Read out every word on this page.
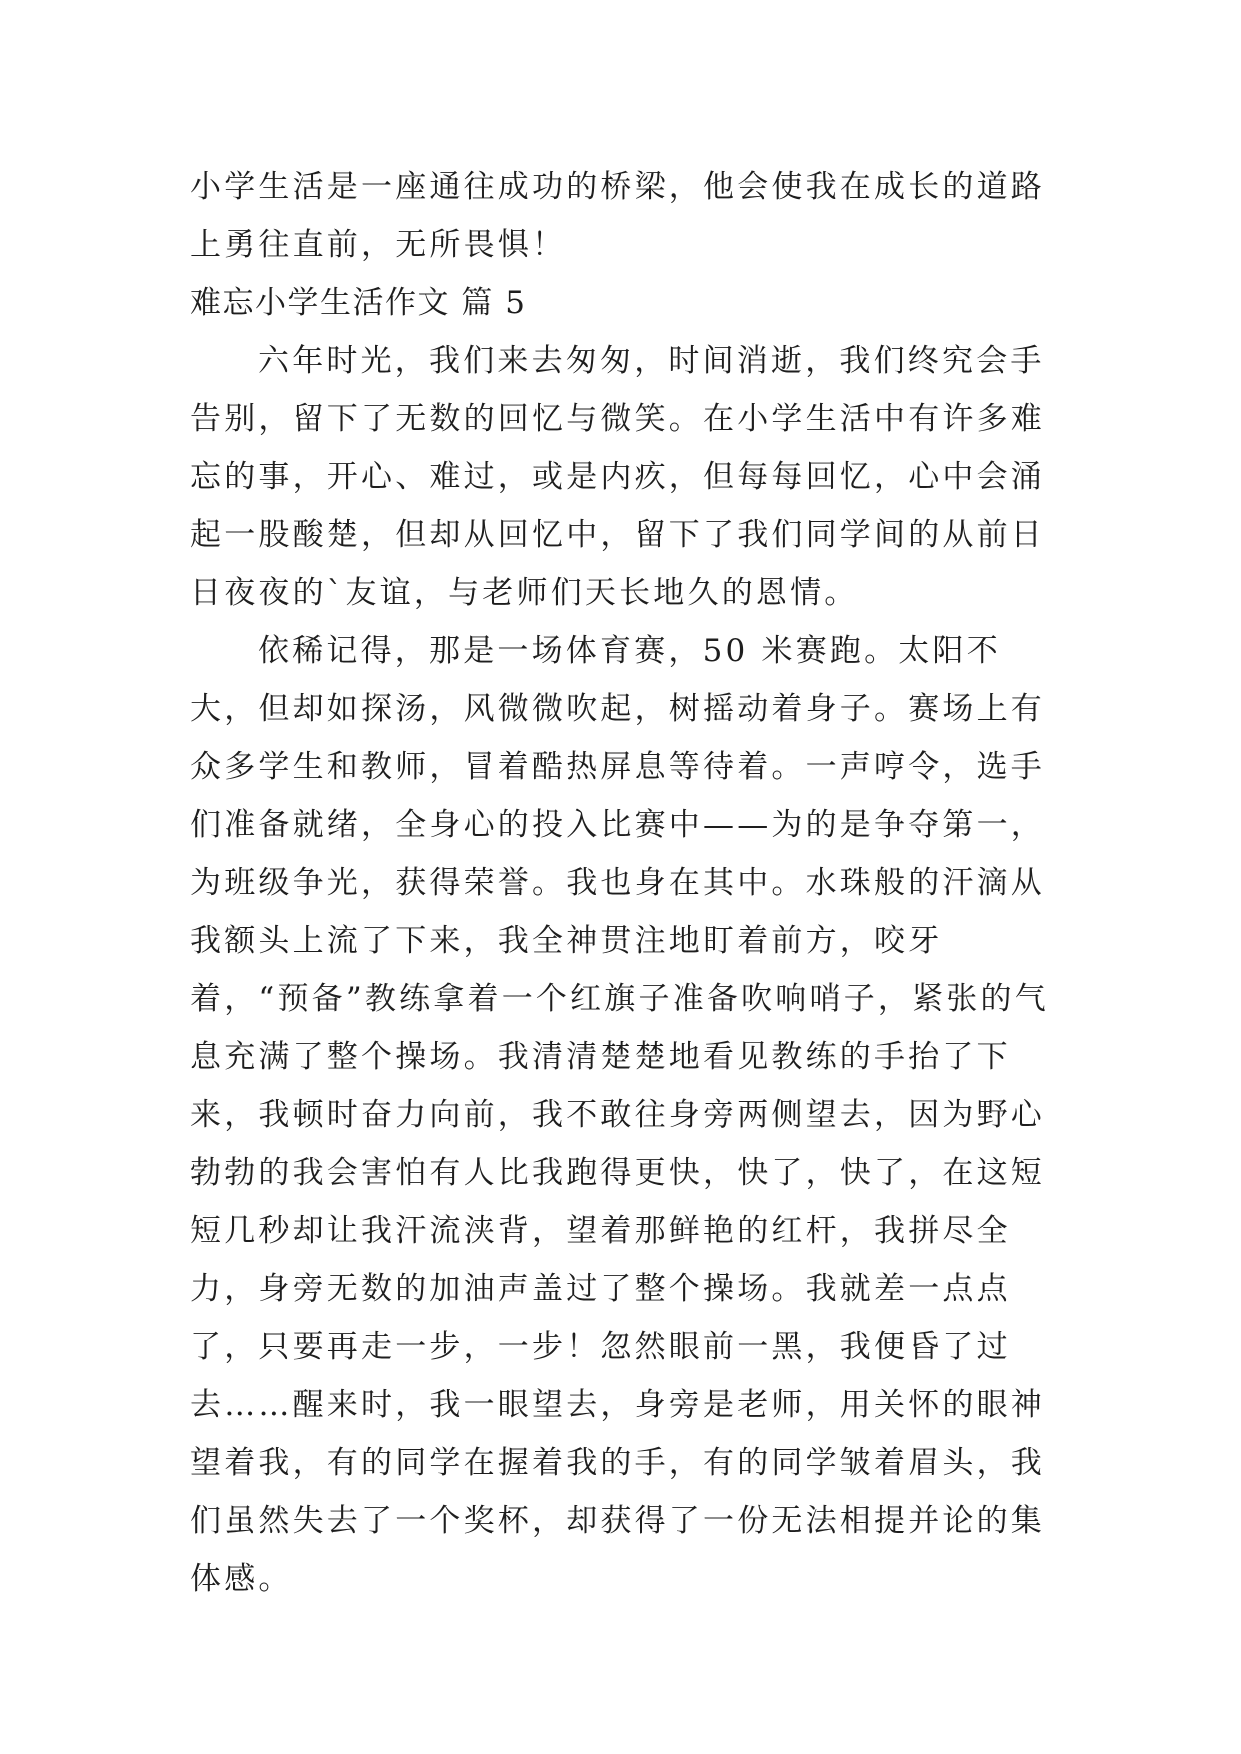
小学生活是一座通往成功的桥梁，他会使我在成长的道路上勇往直前，无所畏惧！

难忘小学生活作文 篇 5

六年时光，我们来去匆匆，时间消逝，我们终究会手告别，留下了无数的回忆与微笑。在小学生活中有许多难忘的事，开心、难过，或是内疚，但每每回忆，心中会涌起一股酸楚，但却从回忆中，留下了我们同学间的从前日日夜夜的`友谊，与老师们天长地久的恩情。

依稀记得，那是一场体育赛，50 米赛跑。太阳不大，但却如探汤，风微微吹起，树摇动着身子。赛场上有众多学生和教师，冒着酷热屏息等待着。一声哼令，选手们准备就绪，全身心的投入比赛中——为的是争夺第一，为班级争光，获得荣誉。我也身在其中。水珠般的汗滴从我额头上流了下来，我全神贯注地盯着前方，咬牙着，“预备”教练拿着一个红旗子准备吹响哨子，紧张的气息充满了整个操场。我清清楚楚地看见教练的手抬了下来，我顿时奋力向前，我不敢往身旁两侧望去，因为野心勃勃的我会害怕有人比我跑得更快，快了，快了，在这短短几秒却让我汗流浃背，望着那鲜艳的红杆，我拼尽全力，身旁无数的加油声盖过了整个操场。我就差一点点了，只要再走一步，一步！忽然眼前一黑，我便昏了过去……醒来时，我一眼望去，身旁是老师，用关怀的眼神望着我，有的同学在握着我的手，有的同学皱着眉头，我们虽然失去了一个奖杯，却获得了一份无法相提并论的集体感。
